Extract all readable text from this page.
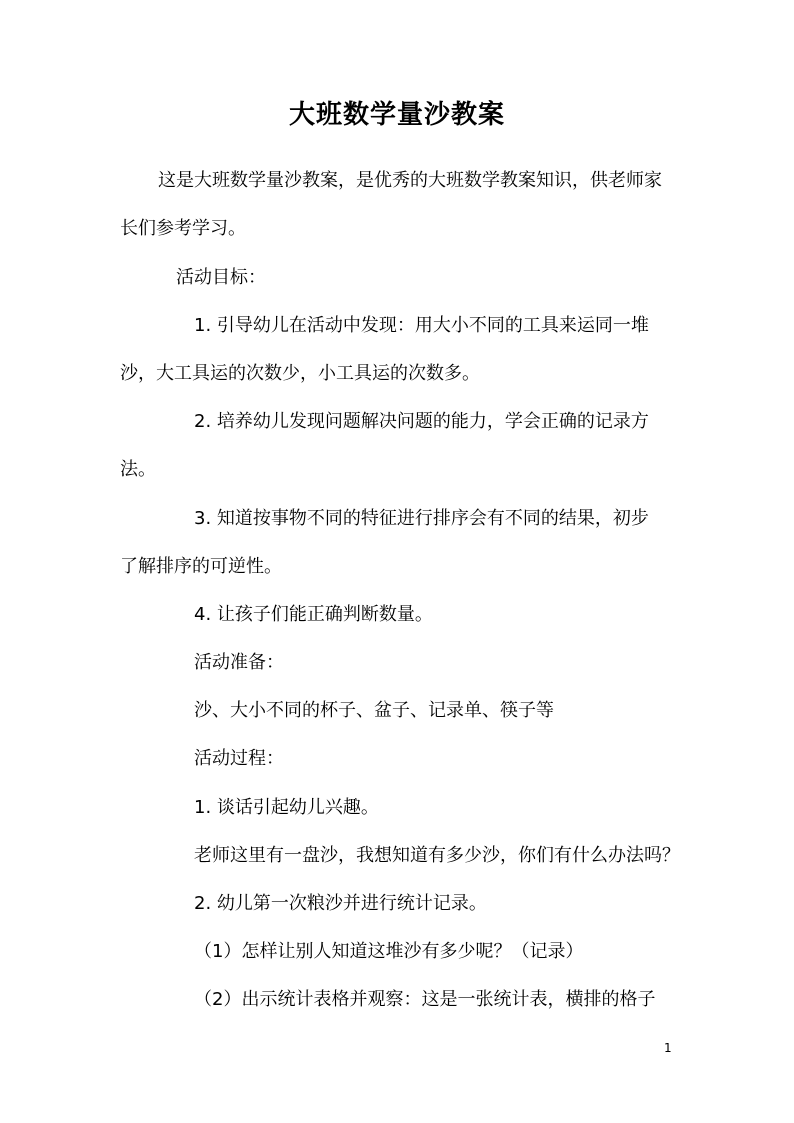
大班数学量沙教案
这是大班数学量沙教案，是优秀的大班数学教案知识，供老师家
长们参考学习。
活动目标：
1. 引导幼儿在活动中发现：用大小不同的工具来运同一堆
沙，大工具运的次数少，小工具运的次数多。
2. 培养幼儿发现问题解决问题的能力，学会正确的记录方
法。
3. 知道按事物不同的特征进行排序会有不同的结果，初步
了解排序的可逆性。
4. 让孩子们能正确判断数量。
活动准备：
沙、大小不同的杯子、盆子、记录单、筷子等
活动过程：
1. 谈话引起幼儿兴趣。
老师这里有一盘沙，我想知道有多少沙，你们有什么办法吗？
2. 幼儿第一次粮沙并进行统计记录。
（1）怎样让别人知道这堆沙有多少呢？（记录）
（2）出示统计表格并观察：这是一张统计表，横排的格子
1
